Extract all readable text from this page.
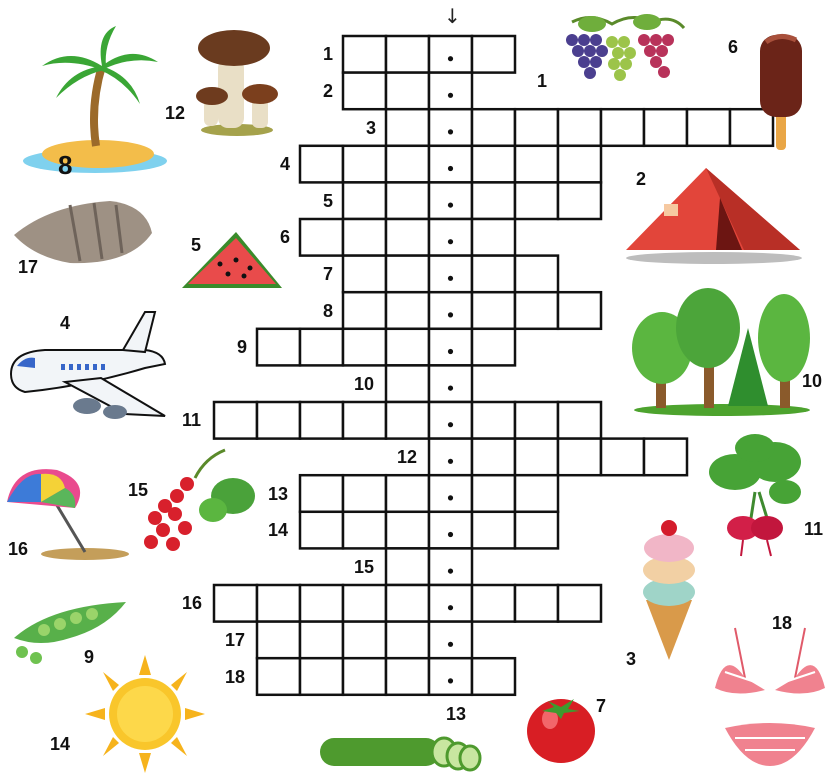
↓
1
2
3
4
5
6
7
8
9
10
11
12
13
14
15
16
17
18
1
6
8
12
2
17
5
4
10
11
16
15
3
9
18
14
13	7
